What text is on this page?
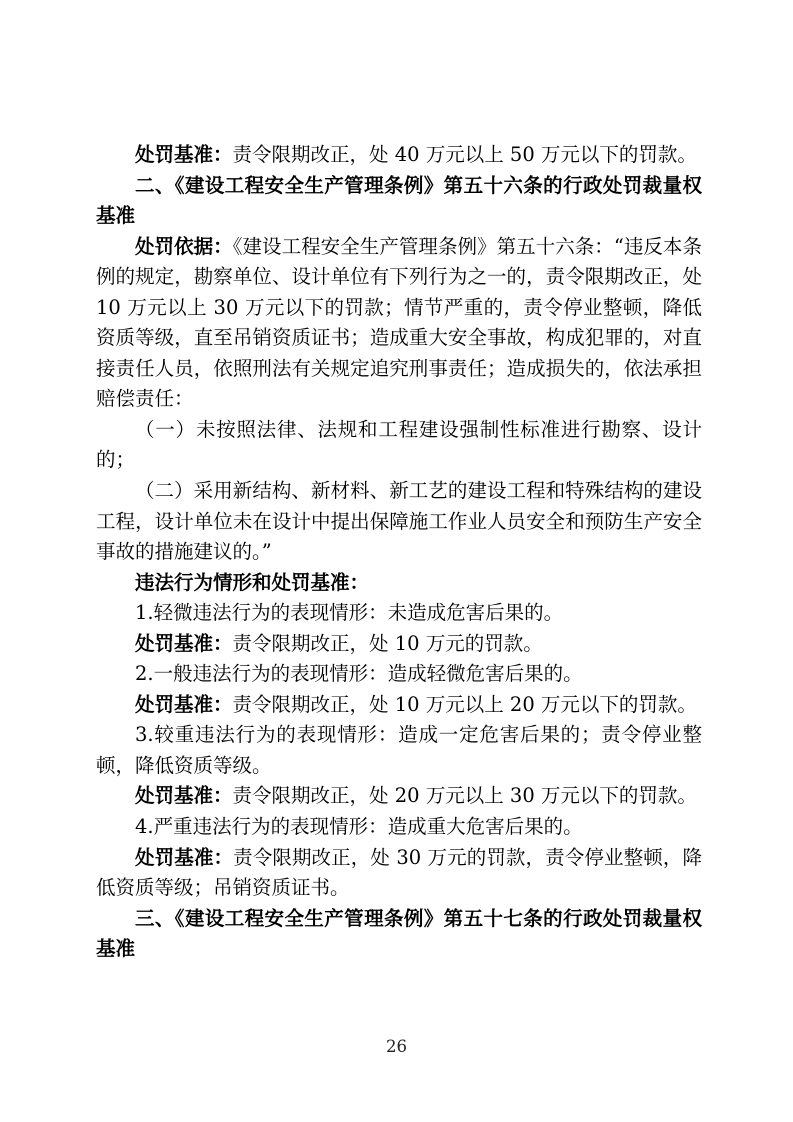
处罚基准：责令限期改正，处 40 万元以上 50 万元以下的罚款。

二、《建设工程安全生产管理条例》第五十六条的行政处罚裁量权基准

处罚依据：《建设工程安全生产管理条例》第五十六条：“违反本条例的规定，勘察单位、设计单位有下列行为之一的，责令限期改正，处 10 万元以上 30 万元以下的罚款；情节严重的，责令停业整顿，降低资质等级，直至吊销资质证书；造成重大安全事故，构成犯罪的，对直接责任人员，依照刑法有关规定追究刑事责任；造成损失的，依法承担赔偿责任：

（一）未按照法律、法规和工程建设强制性标准进行勘察、设计的；

（二）采用新结构、新材料、新工艺的建设工程和特殊结构的建设工程，设计单位未在设计中提出保障施工作业人员安全和预防生产安全事故的措施建议的。”

违法行为情形和处罚基准：

1.轻微违法行为的表现情形：未造成危害后果的。

处罚基准：责令限期改正，处 10 万元的罚款。

2.一般违法行为的表现情形：造成轻微危害后果的。

处罚基准：责令限期改正，处 10 万元以上 20 万元以下的罚款。

3.较重违法行为的表现情形：造成一定危害后果的；责令停业整顿，降低资质等级。

处罚基准：责令限期改正，处 20 万元以上 30 万元以下的罚款。

4.严重违法行为的表现情形：造成重大危害后果的。

处罚基准：责令限期改正，处 30 万元的罚款，责令停业整顿，降低资质等级；吊销资质证书。

三、《建设工程安全生产管理条例》第五十七条的行政处罚裁量权基准

26
